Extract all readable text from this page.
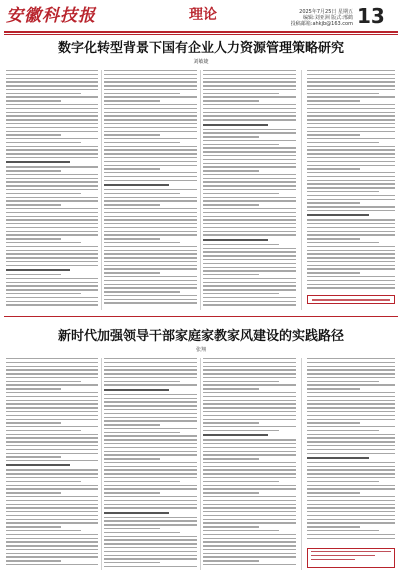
安徽科技报	理论	2025年7月25日 星期五
编辑:刘亚洲 版式:邢鹤
投稿邮箱:ahkjb@163.com 13
数字化转型背景下国有企业人力资源管理策略研究
刘敏婕
新时代加强领导干部家庭家教家风建设的实践路径
张翔
